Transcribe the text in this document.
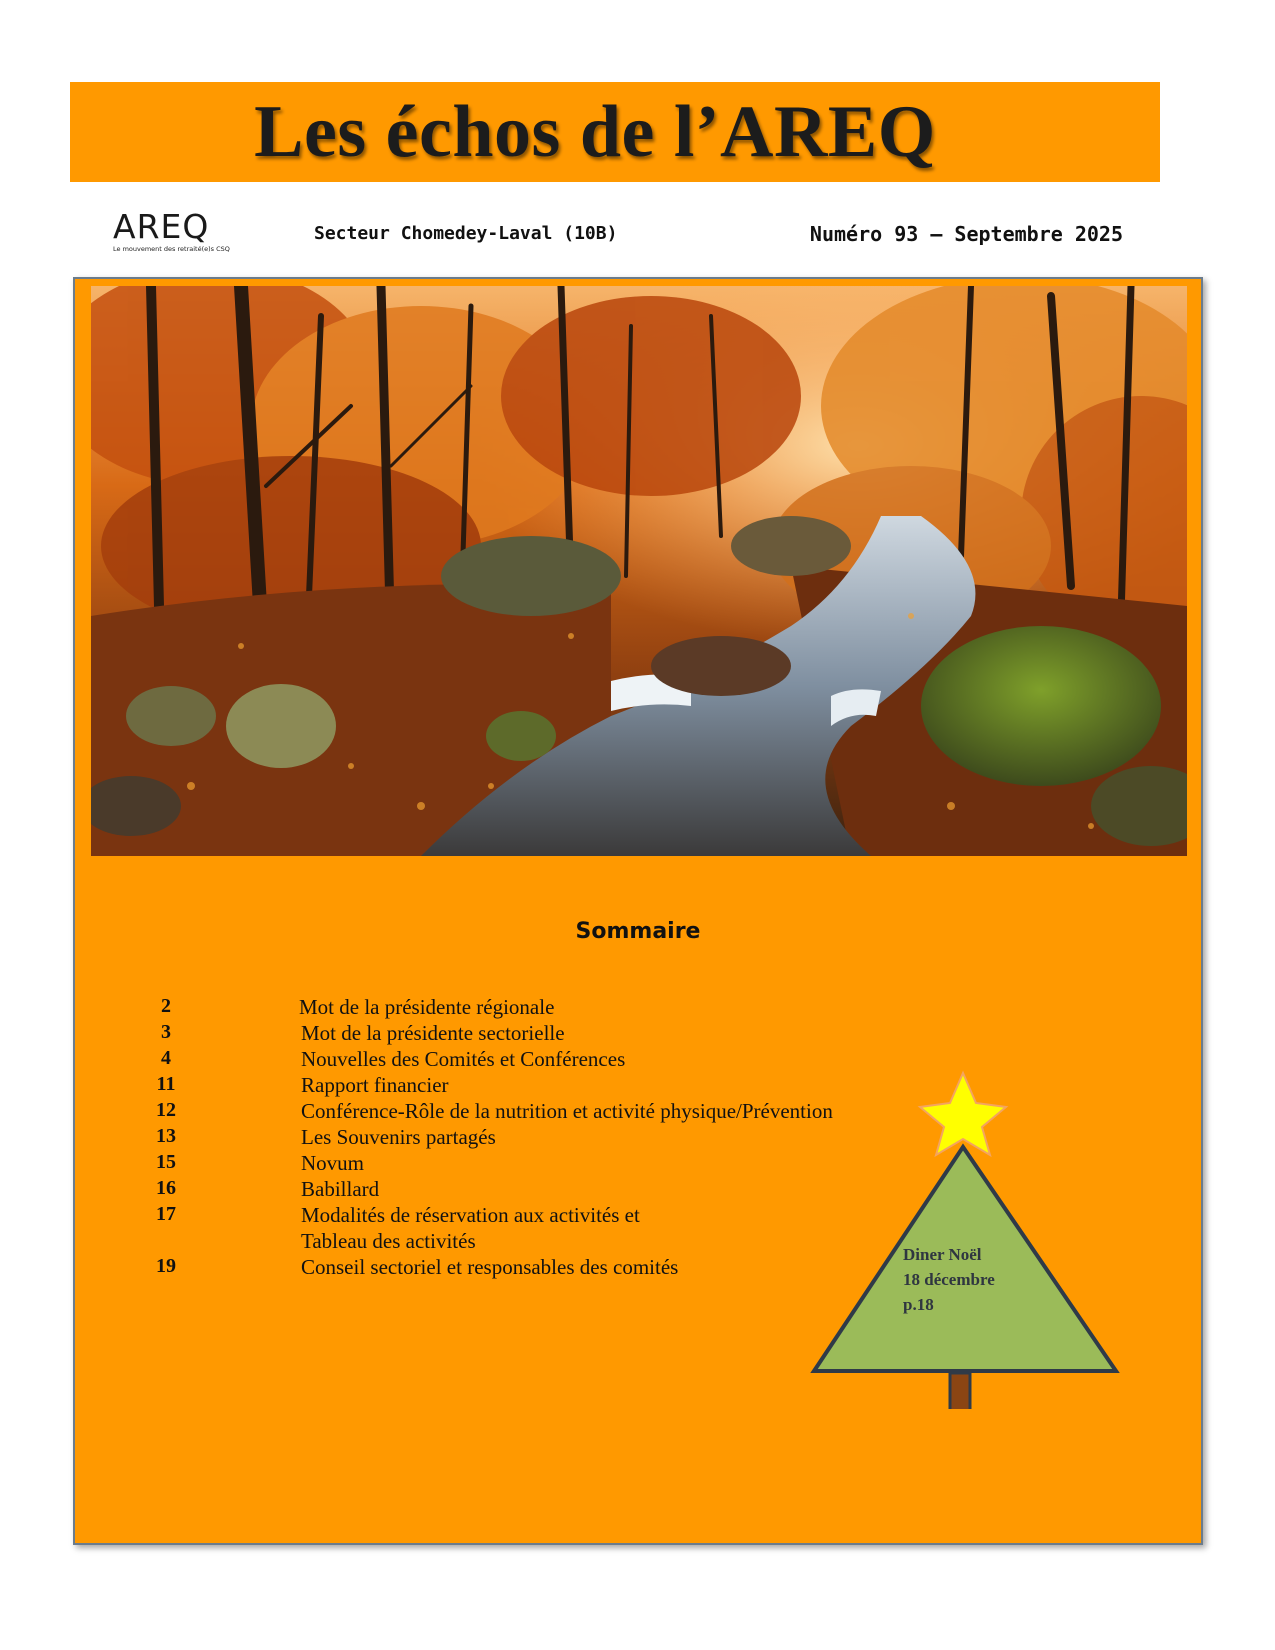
Les échos de l’AREQ
AREQ
Le mouvement des retraité(e)s CSQ
Secteur Chomedey-Laval (10B)	Numéro 93 – Septembre 2025
Sommaire
2	Mot de la présidente régionale
3	Mot de la présidente sectorielle
4	Nouvelles des Comités et Conférences
11	Rapport financier
12	Conférence-Rôle de la nutrition et activité physique/Prévention
13	Les Souvenirs partagés
15	Novum
16	Babillard
17	Modalités de réservation aux activités et
Tableau des activités
19	Conseil sectoriel et responsables des comités
Diner Noël
18 décembre
p.18
